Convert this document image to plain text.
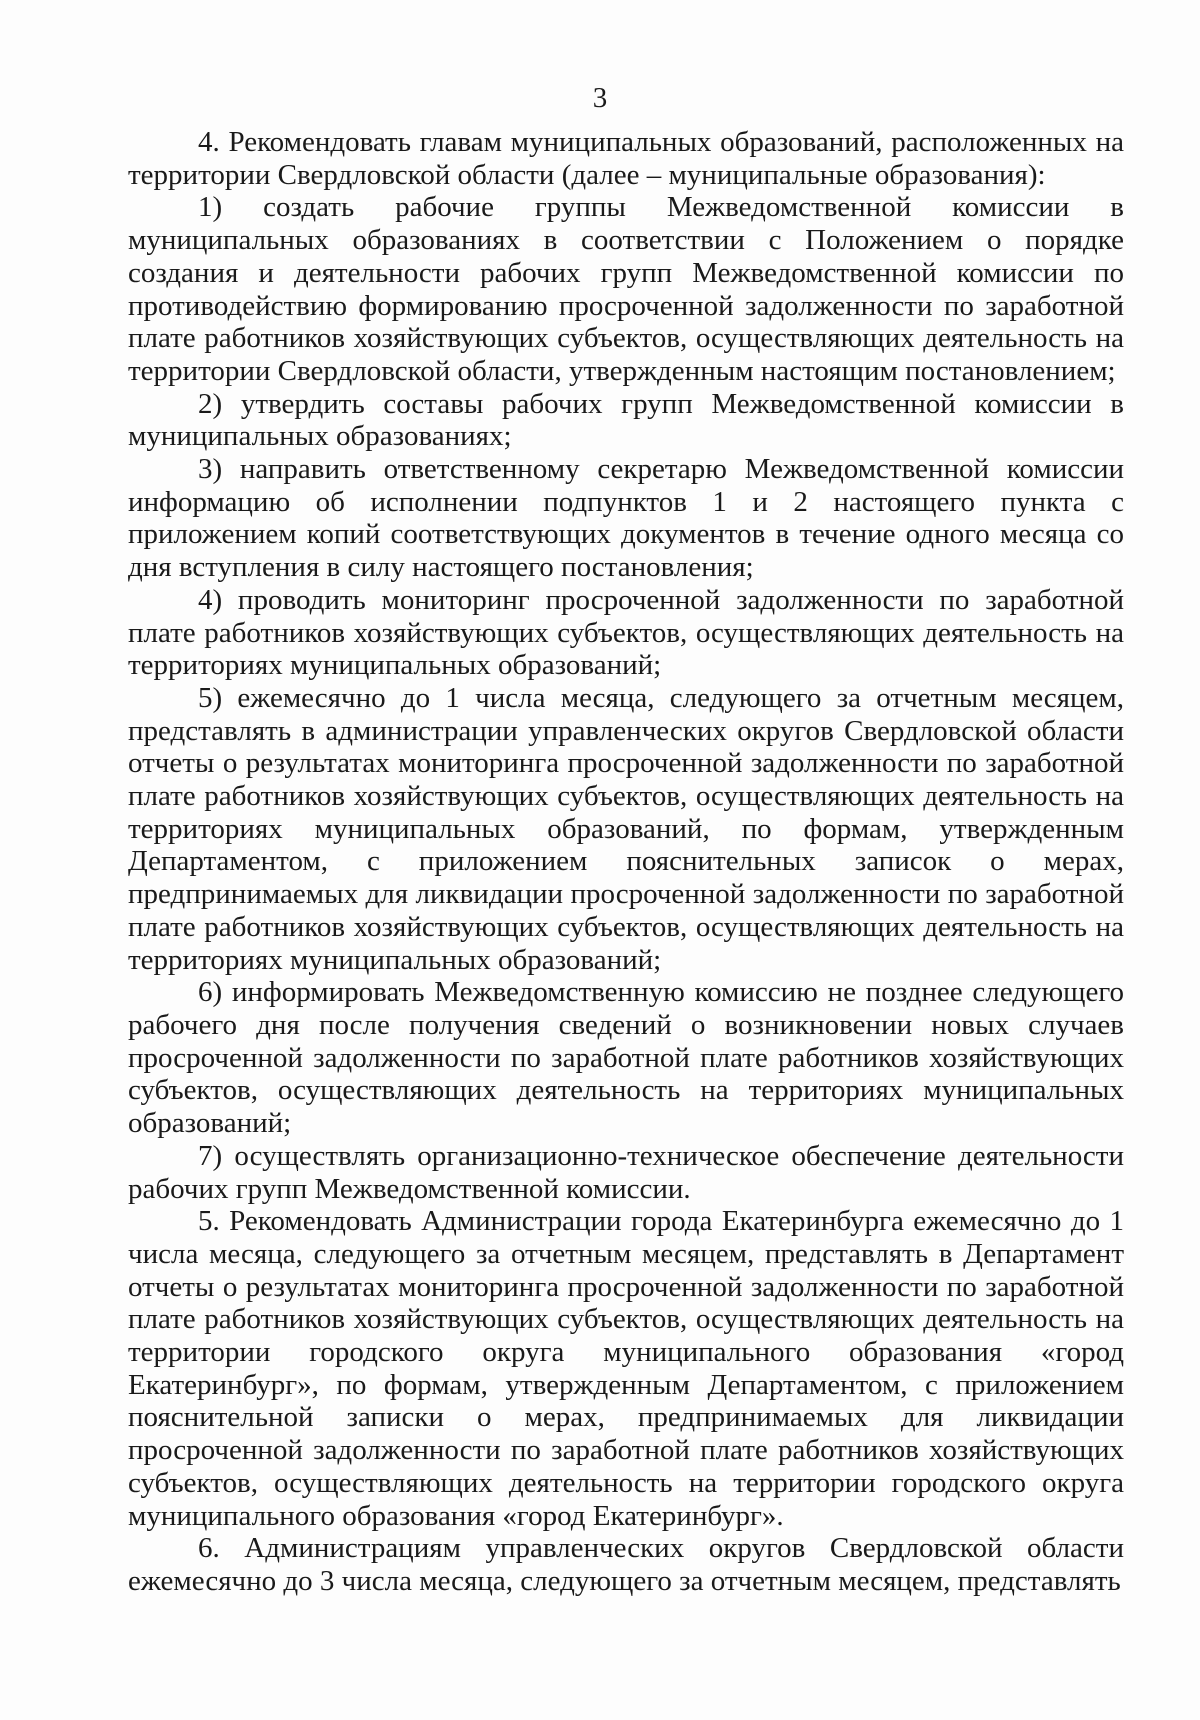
3

4. Рекомендовать главам муниципальных образований, расположенных на территории Свердловской области (далее – муниципальные образования):

1) создать рабочие группы Межведомственной комиссии в муниципальных образованиях в соответствии с Положением о порядке создания и деятельности рабочих групп Межведомственной комиссии по противодействию формированию просроченной задолженности по заработной плате работников хозяйствующих субъектов, осуществляющих деятельность на территории Свердловской области, утвержденным настоящим постановлением;

2) утвердить составы рабочих групп Межведомственной комиссии в муниципальных образованиях;

3) направить ответственному секретарю Межведомственной комиссии информацию об исполнении подпунктов 1 и 2 настоящего пункта с приложением копий соответствующих документов в течение одного месяца со дня вступления в силу настоящего постановления;

4) проводить мониторинг просроченной задолженности по заработной плате работников хозяйствующих субъектов, осуществляющих деятельность на территориях муниципальных образований;

5) ежемесячно до 1 числа месяца, следующего за отчетным месяцем, представлять в администрации управленческих округов Свердловской области отчеты о результатах мониторинга просроченной задолженности по заработной плате работников хозяйствующих субъектов, осуществляющих деятельность на территориях муниципальных образований, по формам, утвержденным Департаментом, с приложением пояснительных записок о мерах, предпринимаемых для ликвидации просроченной задолженности по заработной плате работников хозяйствующих субъектов, осуществляющих деятельность на территориях муниципальных образований;

6) информировать Межведомственную комиссию не позднее следующего рабочего дня после получения сведений о возникновении новых случаев просроченной задолженности по заработной плате работников хозяйствующих субъектов, осуществляющих деятельность на территориях муниципальных образований;

7) осуществлять организационно-техническое обеспечение деятельности рабочих групп Межведомственной комиссии.

5. Рекомендовать Администрации города Екатеринбурга ежемесячно до 1 числа месяца, следующего за отчетным месяцем, представлять в Департамент отчеты о результатах мониторинга просроченной задолженности по заработной плате работников хозяйствующих субъектов, осуществляющих деятельность на территории городского округа муниципального образования «город Екатеринбург», по формам, утвержденным Департаментом, с приложением пояснительной записки о мерах, предпринимаемых для ликвидации просроченной задолженности по заработной плате работников хозяйствующих субъектов, осуществляющих деятельность на территории городского округа муниципального образования «город Екатеринбург».

6. Администрациям управленческих округов Свердловской области ежемесячно до 3 числа месяца, следующего за отчетным месяцем, представлять
